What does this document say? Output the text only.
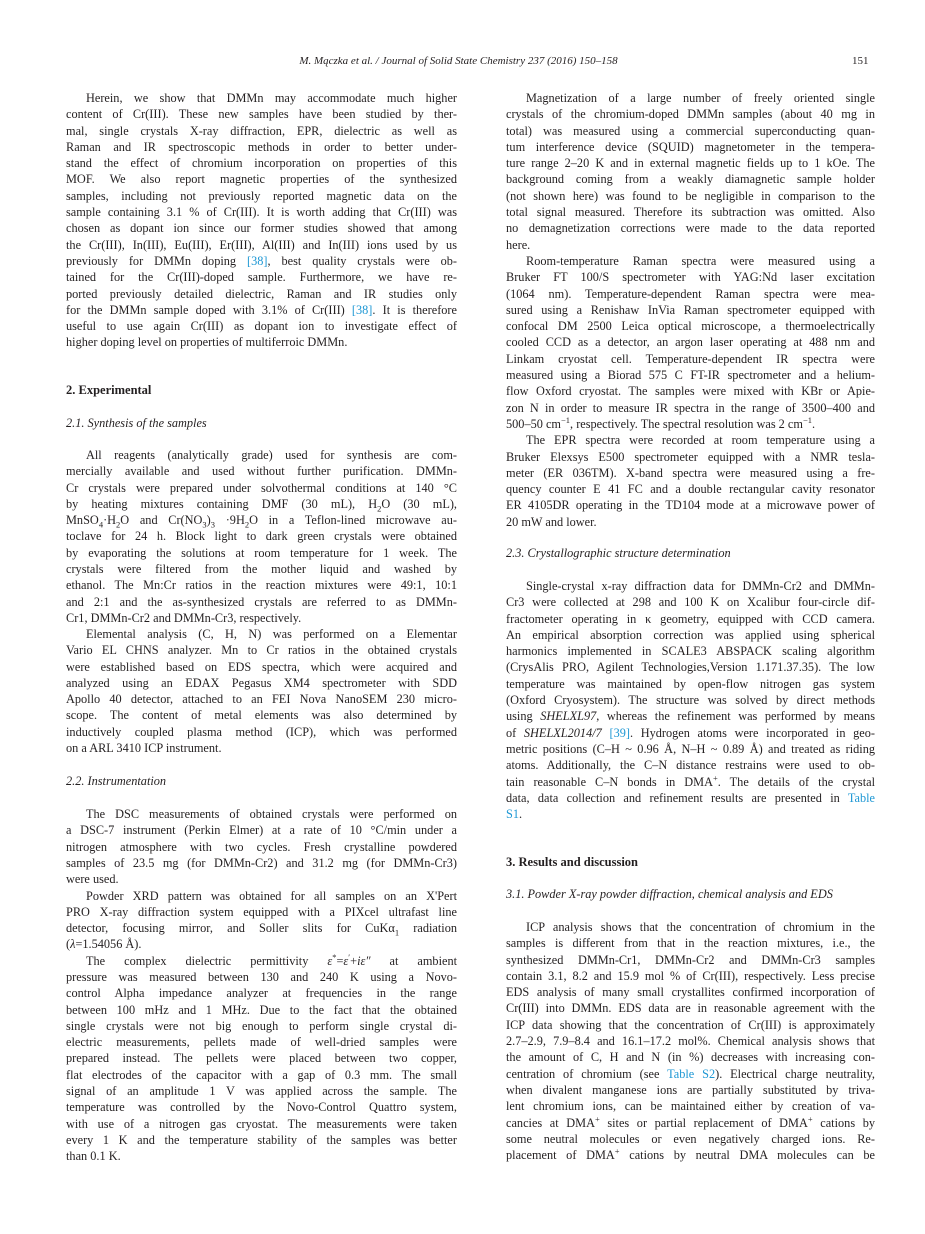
M. Mączka et al. / Journal of Solid State Chemistry 237 (2016) 150–158	151
Herein, we show that DMMn may accommodate much higher
content of Cr(III). These new samples have been studied by ther-
mal, single crystals X-ray diffraction, EPR, dielectric as well as
Raman and IR spectroscopic methods in order to better under-
stand the effect of chromium incorporation on properties of this
MOF. We also report magnetic properties of the synthesized
samples, including not previously reported magnetic data on the
sample containing 3.1 % of Cr(III). It is worth adding that Cr(III) was
chosen as dopant ion since our former studies showed that among
the Cr(III), In(III), Eu(III), Er(III), Al(III) and In(III) ions used by us
previously for DMMn doping [38], best quality crystals were ob-
tained for the Cr(III)-doped sample. Furthermore, we have re-
ported previously detailed dielectric, Raman and IR studies only
for the DMMn sample doped with 3.1% of Cr(III) [38]. It is therefore
useful to use again Cr(III) as dopant ion to investigate effect of
higher doping level on properties of multiferroic DMMn.
2. Experimental
2.1. Synthesis of the samples
All reagents (analytically grade) used for synthesis are com-
mercially available and used without further purification. DMMn-
Cr crystals were prepared under solvothermal conditions at 140 °C
by heating mixtures containing DMF (30 mL), $H_2O$ (30 mL),
$MnSO_4\cdot H_2O$ and $Cr(NO_3)_3 \cdot 9H_2O$ in a Teflon-lined microwave au-
toclave for 24 h. Block light to dark green crystals were obtained
by evaporating the solutions at room temperature for 1 week. The
crystals were filtered from the mother liquid and washed by
ethanol. The Mn:Cr ratios in the reaction mixtures were 49:1, 10:1
and 2:1 and the as-synthesized crystals are referred to as DMMn-
Cr1, DMMn-Cr2 and DMMn-Cr3, respectively.
Elemental analysis (C, H, N) was performed on a Elementar
Vario EL CHNS analyzer. Mn to Cr ratios in the obtained crystals
were established based on EDS spectra, which were acquired and
analyzed using an EDAX Pegasus XM4 spectrometer with SDD
Apollo 40 detector, attached to an FEI Nova NanoSEM 230 micro-
scope. The content of metal elements was also determined by
inductively coupled plasma method (ICP), which was performed
on a ARL 3410 ICP instrument.
2.2. Instrumentation
The DSC measurements of obtained crystals were performed on
a DSC-7 instrument (Perkin Elmer) at a rate of 10 °C/min under a
nitrogen atmosphere with two cycles. Fresh crystalline powdered
samples of 23.5 mg (for DMMn-Cr2) and 31.2 mg (for DMMn-Cr3)
were used.
Powder XRD pattern was obtained for all samples on an X'Pert
PRO X-ray diffraction system equipped with a PIXcel ultrafast line
detector, focusing mirror, and Soller slits for CuKα$_1$ radiation
(λ=1.54056 Å).
The complex dielectric permittivity ε*=ε′+iε″ at ambient
pressure was measured between 130 and 240 K using a Novo-
control Alpha impedance analyzer at frequencies in the range
between 100 mHz and 1 MHz. Due to the fact that the obtained
single crystals were not big enough to perform single crystal di-
electric measurements, pellets made of well-dried samples were
prepared instead. The pellets were placed between two copper,
flat electrodes of the capacitor with a gap of 0.3 mm. The small
signal of an amplitude 1 V was applied across the sample. The
temperature was controlled by the Novo-Control Quattro system,
with use of a nitrogen gas cryostat. The measurements were taken
every 1 K and the temperature stability of the samples was better
than 0.1 K.
Magnetization of a large number of freely oriented single
crystals of the chromium-doped DMMn samples (about 40 mg in
total) was measured using a commercial superconducting quan-
tum interference device (SQUID) magnetometer in the tempera-
ture range 2–20 K and in external magnetic fields up to 1 kOe. The
background coming from a weakly diamagnetic sample holder
(not shown here) was found to be negligible in comparison to the
total signal measured. Therefore its subtraction was omitted. Also
no demagnetization corrections were made to the data reported
here.
Room-temperature Raman spectra were measured using a
Bruker FT 100/S spectrometer with YAG:Nd laser excitation
(1064 nm). Temperature-dependent Raman spectra were mea-
sured using a Renishaw InVia Raman spectrometer equipped with
confocal DM 2500 Leica optical microscope, a thermoelectrically
cooled CCD as a detector, an argon laser operating at 488 nm and
Linkam cryostat cell. Temperature-dependent IR spectra were
measured using a Biorad 575 C FT-IR spectrometer and a helium-
flow Oxford cryostat. The samples were mixed with KBr or Apie-
zon N in order to measure IR spectra in the range of 3500–400 and
500–50 $cm^{-1}$, respectively. The spectral resolution was 2 $cm^{-1}$.
The EPR spectra were recorded at room temperature using a
Bruker Elexsys E500 spectrometer equipped with a NMR tesla-
meter (ER 036TM). X-band spectra were measured using a fre-
quency counter E 41 FC and a double rectangular cavity resonator
ER 4105DR operating in the TD104 mode at a microwave power of
20 mW and lower.
2.3. Crystallographic structure determination
Single-crystal x-ray diffraction data for DMMn-Cr2 and DMMn-
Cr3 were collected at 298 and 100 K on Xcalibur four-circle dif-
fractometer operating in κ geometry, equipped with CCD camera.
An empirical absorption correction was applied using spherical
harmonics implemented in SCALE3 ABSPACK scaling algorithm
(CrysAlis PRO, Agilent Technologies,Version 1.171.37.35). The low
temperature was maintained by open-flow nitrogen gas system
(Oxford Cryosystem). The structure was solved by direct methods
using SHELXL97, whereas the refinement was performed by means
of SHELXL2014/7 [39]. Hydrogen atoms were incorporated in geo-
metric positions (C–H ~ 0.96 Å, N–H ~ 0.89 Å) and treated as riding
atoms. Additionally, the C–N distance restrains were used to ob-
tain reasonable C–N bonds in DMA+. The details of the crystal
data, data collection and refinement results are presented in Table
S1.
3. Results and discussion
3.1. Powder X-ray powder diffraction, chemical analysis and EDS
ICP analysis shows that the concentration of chromium in the
samples is different from that in the reaction mixtures, i.e., the
synthesized DMMn-Cr1, DMMn-Cr2 and DMMn-Cr3 samples
contain 3.1, 8.2 and 15.9 mol % of Cr(III), respectively. Less precise
EDS analysis of many small crystallites confirmed incorporation of
Cr(III) into DMMn. EDS data are in reasonable agreement with the
ICP data showing that the concentration of Cr(III) is approximately
2.7–2.9, 7.9–8.4 and 16.1–17.2 mol%. Chemical analysis shows that
the amount of C, H and N (in %) decreases with increasing con-
centration of chromium (see Table S2). Electrical charge neutrality,
when divalent manganese ions are partially substituted by triva-
lent chromium ions, can be maintained either by creation of va-
cancies at DMA+ sites or partial replacement of DMA+ cations by
some neutral molecules or even negatively charged ions. Re-
placement of DMA+ cations by neutral DMA molecules can be
